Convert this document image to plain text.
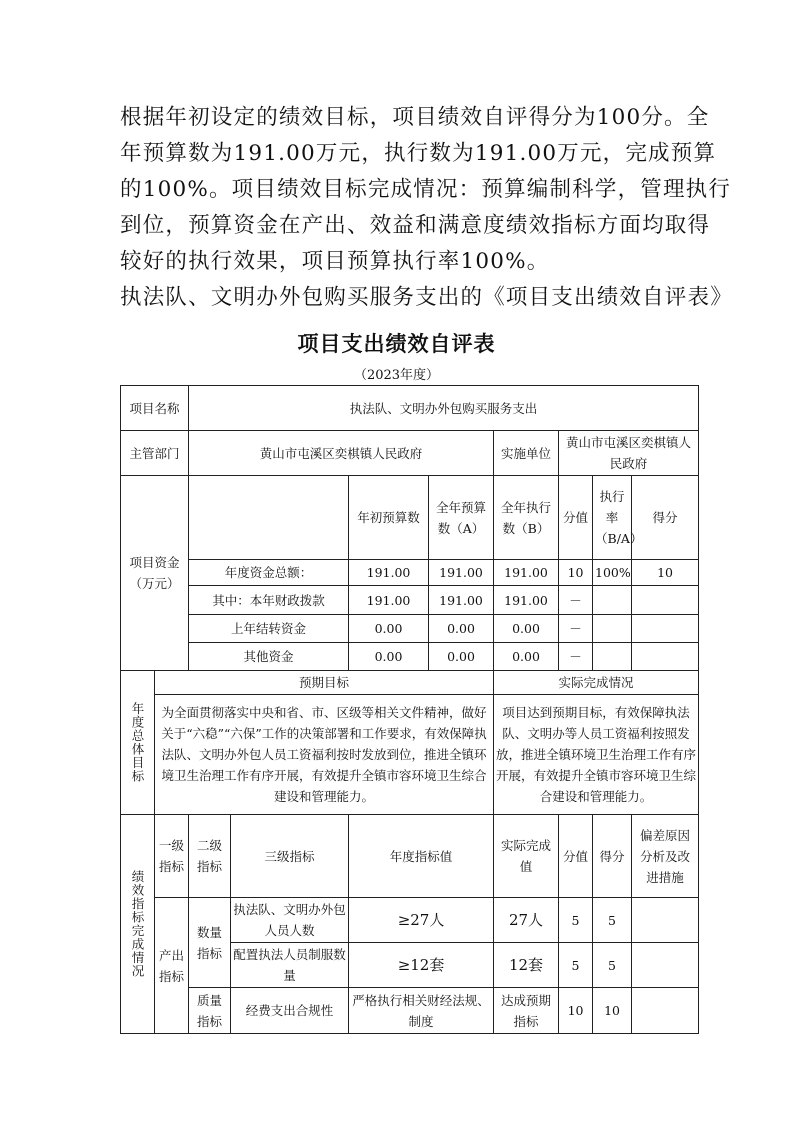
根据年初设定的绩效目标，项目绩效自评得分为100分。全
年预算数为191.00万元，执行数为191.00万元，完成预算
的100%。项目绩效目标完成情况：预算编制科学，管理执行
到位，预算资金在产出、效益和满意度绩效指标方面均取得
较好的执行效果，项目预算执行率100%。
执法队、文明办外包购买服务支出的《项目支出绩效自评表》
项目支出绩效自评表
（2023年度）
项目名称		执法队、文明办外包购买服务支出							
主管部门		黄山市屯溪区奕棋镇人民政府				实施单位	黄山市屯溪区奕棋镇人民政府		
项目资金（万元）				年初预算数	全年预算数（A）	全年执行数（B）	分值	执行率（B/A）	得分
		年度资金总额：		191.00	191.00	191.00	10	100%	10
		其中：本年财政拨款		191.00	191.00	191.00	－		
		上年结转资金		0.00	0.00	0.00	－		
		其他资金		0.00	0.00	0.00	－		
年度总体目标	预期目标					实际完成情况			
	为全面贯彻落实中央和省、市、区级等相关文件精神，做好关于“六稳”“六保”工作的决策部署和工作要求，有效保障执法队、文明办外包人员工资福利按时发放到位，推进全镇环境卫生治理工作有序开展，有效提升全镇市容环境卫生综合建设和管理能力。					项目达到预期目标，有效保障执法队、文明办等人员工资福利按照发放，推进全镇环境卫生治理工作有序开展，有效提升全镇市容环境卫生综合建设和管理能力。			
绩效指标完成情况	一级指标	二级指标	三级指标	年度指标值		实际完成值	分值	得分	偏差原因分析及改进措施
	产出指标	数量指标	执法队、文明办外包人员人数	≥27人		27人	5	5	
			配置执法人员制服数量	≥12套		12套	5	5	
		质量指标	经费支出合规性	严格执行相关财经法规、制度		达成预期指标	10	10	
